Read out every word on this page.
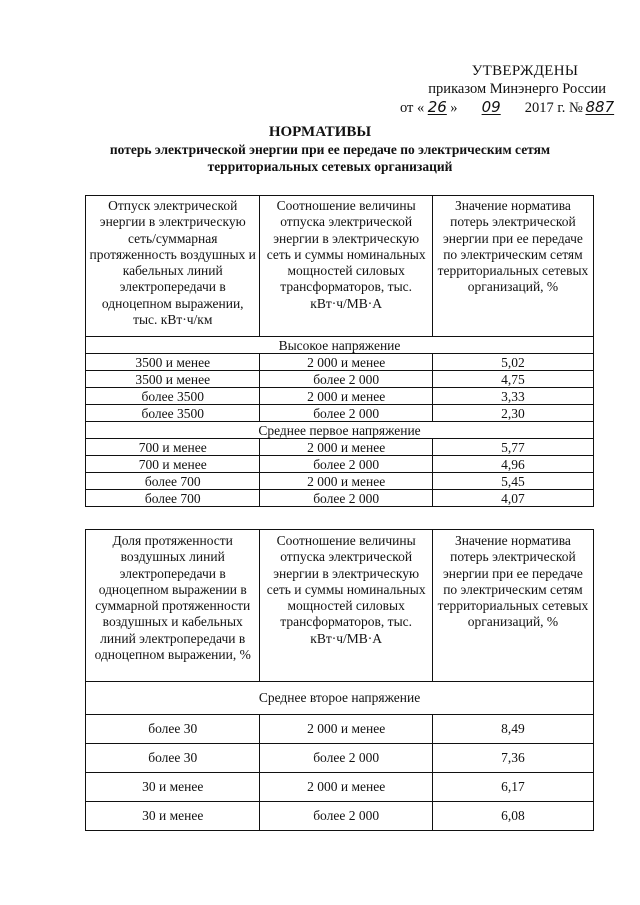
УТВЕРЖДЕНЫ
приказом Минэнерго России
от « 26 » 09 2017 г. № 887
НОРМАТИВЫ
потерь электрической энергии при ее передаче по электрическим сетям
территориальных сетевых организаций
Отпуск электрической энергии в электрическую сеть/суммарная протяженность воздушных и кабельных линий электропередачи в одноцепном выражении, тыс. кВт·ч/км	Соотношение величины отпуска электрической энергии в электрическую сеть и суммы номинальных мощностей силовых трансформаторов, тыс. кВт·ч/МВ·А	Значение норматива потерь электрической энергии при ее передаче по электрическим сетям территориальных сетевых организаций, %
Высокое напряжение		
3500 и менее	2 000 и менее	5,02
3500 и менее	более 2 000	4,75
более 3500	2 000 и менее	3,33
более 3500	более 2 000	2,30
Среднее первое напряжение		
700 и менее	2 000 и менее	5,77
700 и менее	более 2 000	4,96
более 700	2 000 и менее	5,45
более 700	более 2 000	4,07
Доля протяженности воздушных линий электропередачи в одноцепном выражении в суммарной протяженности воздушных и кабельных линий электропередачи в одноцепном выражении, %	Соотношение величины отпуска электрической энергии в электрическую сеть и суммы номинальных мощностей силовых трансформаторов, тыс. кВт·ч/МВ·А	Значение норматива потерь электрической энергии при ее передаче по электрическим сетям территориальных сетевых организаций, %
Среднее второе напряжение		
более 30	2 000 и менее	8,49
более 30	более 2 000	7,36
30 и менее	2 000 и менее	6,17
30 и менее	более 2 000	6,08
